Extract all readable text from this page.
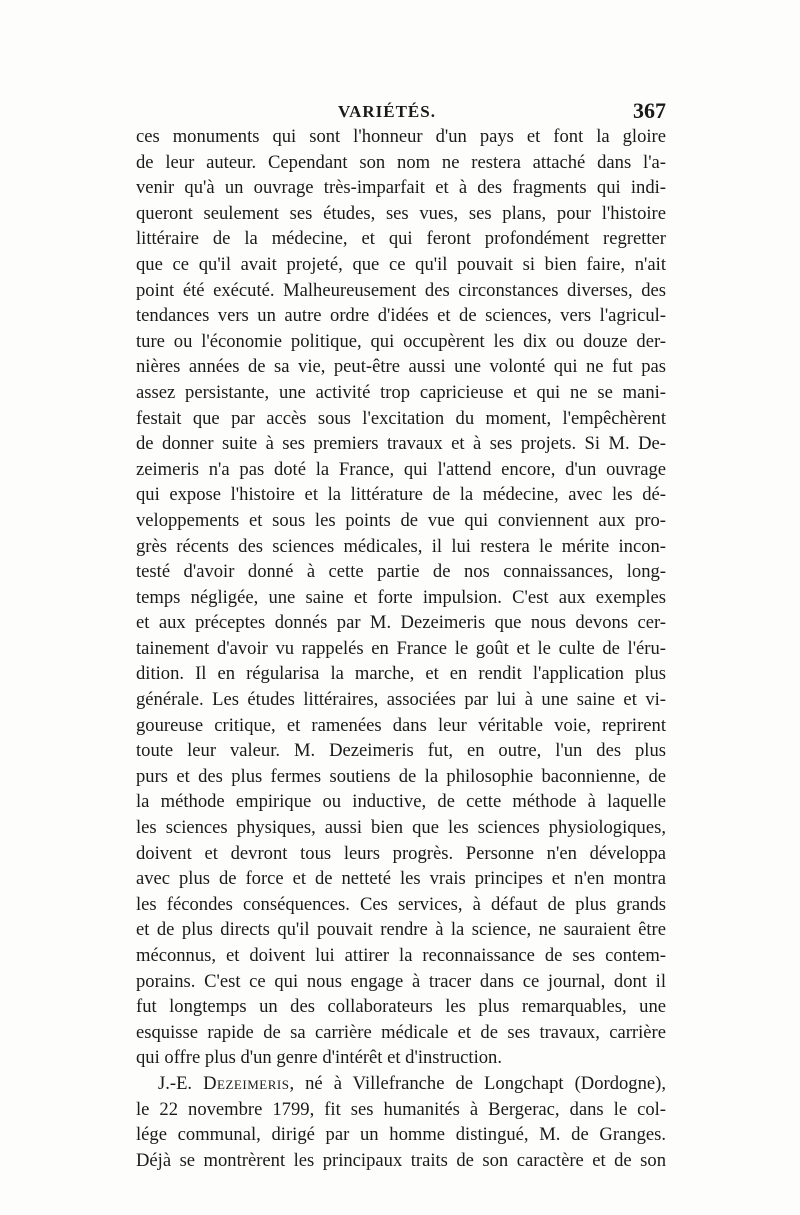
VARIÉTÉS.	367
ces monuments qui sont l'honneur d'un pays et font la gloire
de leur auteur. Cependant son nom ne restera attaché dans l'a-
venir qu'à un ouvrage très-imparfait et à des fragments qui indi-
queront seulement ses études, ses vues, ses plans, pour l'histoire
littéraire de la médecine, et qui feront profondément regretter
que ce qu'il avait projeté, que ce qu'il pouvait si bien faire, n'ait
point été exécuté. Malheureusement des circonstances diverses, des
tendances vers un autre ordre d'idées et de sciences, vers l'agricul-
ture ou l'économie politique, qui occupèrent les dix ou douze der-
nières années de sa vie, peut-être aussi une volonté qui ne fut pas
assez persistante, une activité trop capricieuse et qui ne se mani-
festait que par accès sous l'excitation du moment, l'empêchèrent
de donner suite à ses premiers travaux et à ses projets. Si M. De-
zeimeris n'a pas doté la France, qui l'attend encore, d'un ouvrage
qui expose l'histoire et la littérature de la médecine, avec les dé-
veloppements et sous les points de vue qui conviennent aux pro-
grès récents des sciences médicales, il lui restera le mérite incon-
testé d'avoir donné à cette partie de nos connaissances, long-
temps négligée, une saine et forte impulsion. C'est aux exemples
et aux préceptes donnés par M. Dezeimeris que nous devons cer-
tainement d'avoir vu rappelés en France le goût et le culte de l'éru-
dition. Il en régularisa la marche, et en rendit l'application plus
générale. Les études littéraires, associées par lui à une saine et vi-
goureuse critique, et ramenées dans leur véritable voie, reprirent
toute leur valeur. M. Dezeimeris fut, en outre, l'un des plus
purs et des plus fermes soutiens de la philosophie baconnienne, de
la méthode empirique ou inductive, de cette méthode à laquelle
les sciences physiques, aussi bien que les sciences physiologiques,
doivent et devront tous leurs progrès. Personne n'en développa
avec plus de force et de netteté les vrais principes et n'en montra
les fécondes conséquences. Ces services, à défaut de plus grands
et de plus directs qu'il pouvait rendre à la science, ne sauraient être
méconnus, et doivent lui attirer la reconnaissance de ses contem-
porains. C'est ce qui nous engage à tracer dans ce journal, dont il
fut longtemps un des collaborateurs les plus remarquables, une
esquisse rapide de sa carrière médicale et de ses travaux, carrière
qui offre plus d'un genre d'intérêt et d'instruction.
J.-E. Dezeimeris, né à Villefranche de Longchapt (Dordogne),
le 22 novembre 1799, fit ses humanités à Bergerac, dans le col-
lége communal, dirigé par un homme distingué, M. de Granges.
Déjà se montrèrent les principaux traits de son caractère et de son
